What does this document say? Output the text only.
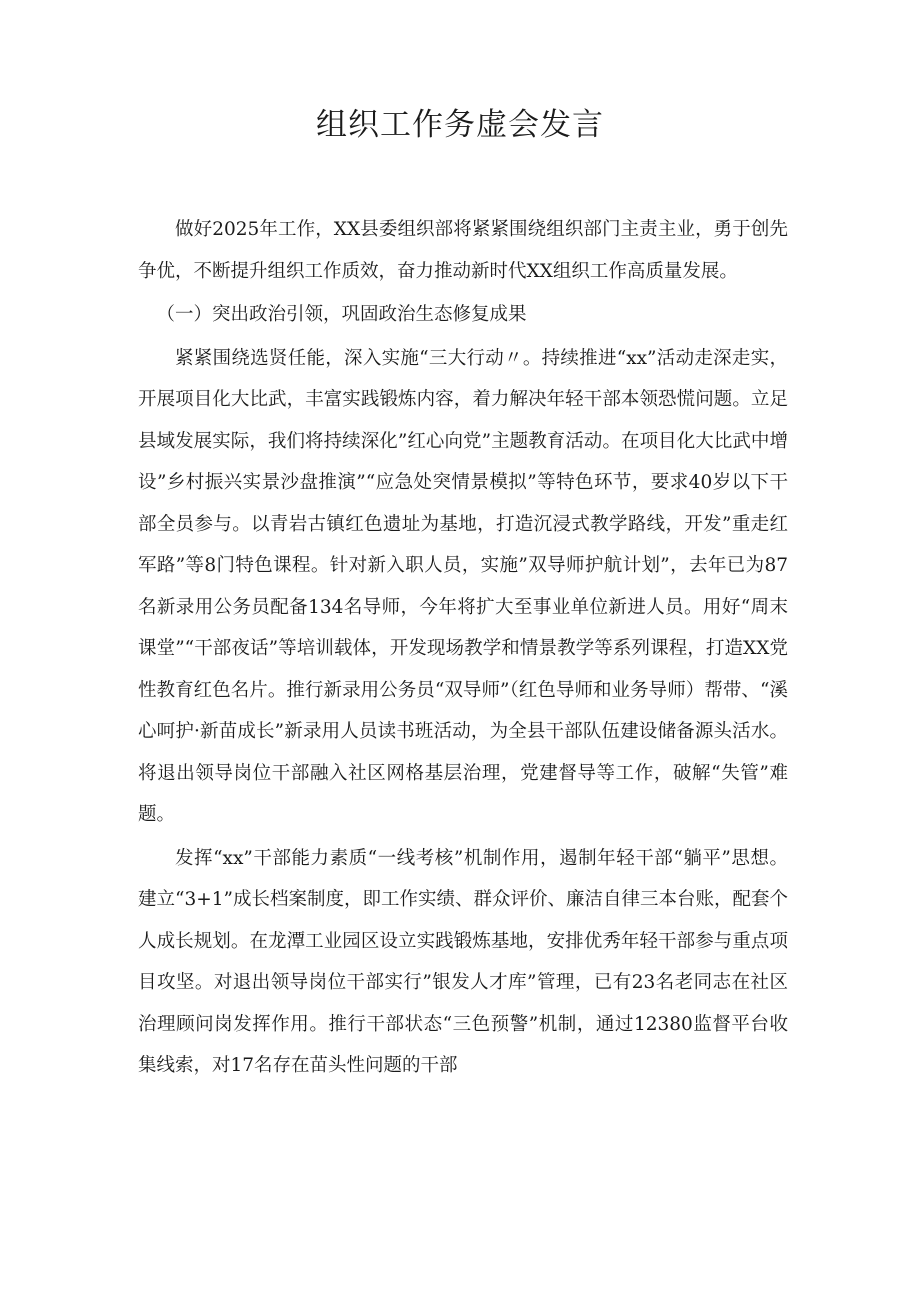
组织工作务虚会发言

做好2025年工作，XX县委组织部将紧紧围绕组织部门主责主业，勇于创先争优，不断提升组织工作质效，奋力推动新时代XX组织工作高质量发展。

（一）突出政治引领，巩固政治生态修复成果

紧紧围绕选贤任能，深入实施“三大行动〃。持续推进“xx”活动走深走实，开展项目化大比武，丰富实践锻炼内容，着力解决年轻干部本领恐慌问题。立足县域发展实际，我们将持续深化”红心向党”主题教育活动。在项目化大比武中增设”乡村振兴实景沙盘推演”“应急处突情景模拟”等特色环节，要求40岁以下干部全员参与。以青岩古镇红色遗址为基地，打造沉浸式教学路线，开发”重走红军路”等8门特色课程。针对新入职人员，实施”双导师护航计划”，去年已为87名新录用公务员配备134名导师，今年将扩大至事业单位新进人员。用好“周末课堂”“干部夜话”等培训载体，开发现场教学和情景教学等系列课程，打造XX党性教育红色名片。推行新录用公务员“双导师”（红色导师和业务导师）帮带、“溪心呵护·新苗成长”新录用人员读书班活动，为全县干部队伍建设储备源头活水。将退出领导岗位干部融入社区网格基层治理，党建督导等工作，破解“失管”难题。

发挥“xx”干部能力素质“一线考核”机制作用，遏制年轻干部“躺平”思想。建立“3+1”成长档案制度，即工作实绩、群众评价、廉洁自律三本台账，配套个人成长规划。在龙潭工业园区设立实践锻炼基地，安排优秀年轻干部参与重点项目攻坚。对退出领导岗位干部实行”银发人才库”管理，已有23名老同志在社区治理顾问岗发挥作用。推行干部状态“三色预警”机制，通过12380监督平台收集线索，对17名存在苗头性问题的干部
